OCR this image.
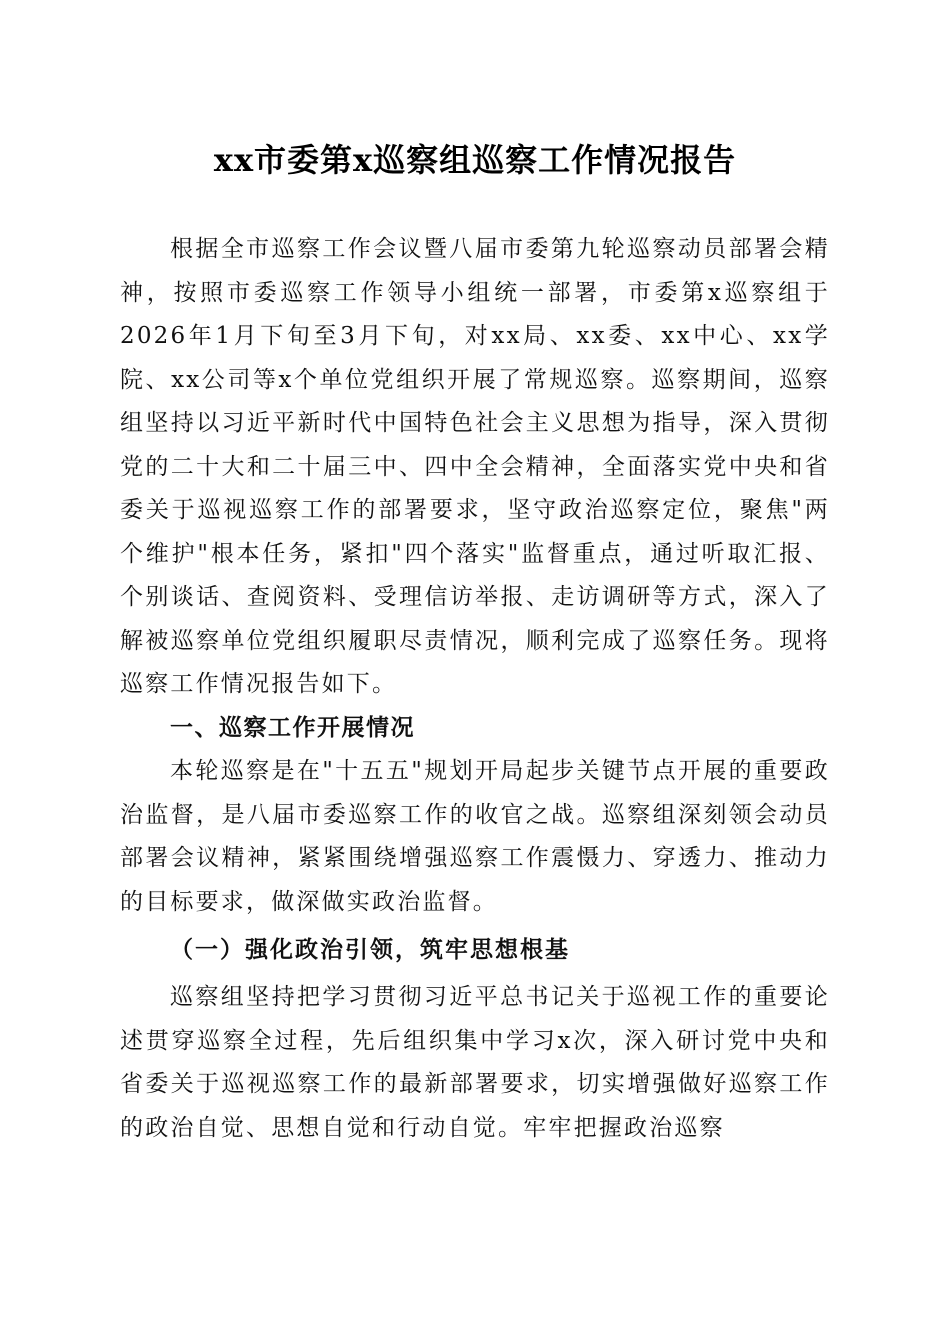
xx市委第x巡察组巡察工作情况报告

根据全市巡察工作会议暨八届市委第九轮巡察动员部署会精神，按照市委巡察工作领导小组统一部署，市委第x巡察组于2026年1月下旬至3月下旬，对xx局、xx委、xx中心、xx学院、xx公司等x个单位党组织开展了常规巡察。巡察期间，巡察组坚持以习近平新时代中国特色社会主义思想为指导，深入贯彻党的二十大和二十届三中、四中全会精神，全面落实党中央和省委关于巡视巡察工作的部署要求，坚守政治巡察定位，聚焦"两个维护"根本任务，紧扣"四个落实"监督重点，通过听取汇报、个别谈话、查阅资料、受理信访举报、走访调研等方式，深入了解被巡察单位党组织履职尽责情况，顺利完成了巡察任务。现将巡察工作情况报告如下。

一、巡察工作开展情况

本轮巡察是在"十五五"规划开局起步关键节点开展的重要政治监督，是八届市委巡察工作的收官之战。巡察组深刻领会动员部署会议精神，紧紧围绕增强巡察工作震慑力、穿透力、推动力的目标要求，做深做实政治监督。

（一）强化政治引领，筑牢思想根基

巡察组坚持把学习贯彻习近平总书记关于巡视工作的重要论述贯穿巡察全过程，先后组织集中学习x次，深入研讨党中央和省委关于巡视巡察工作的最新部署要求，切实增强做好巡察工作的政治自觉、思想自觉和行动自觉。牢牢把握政治巡察
